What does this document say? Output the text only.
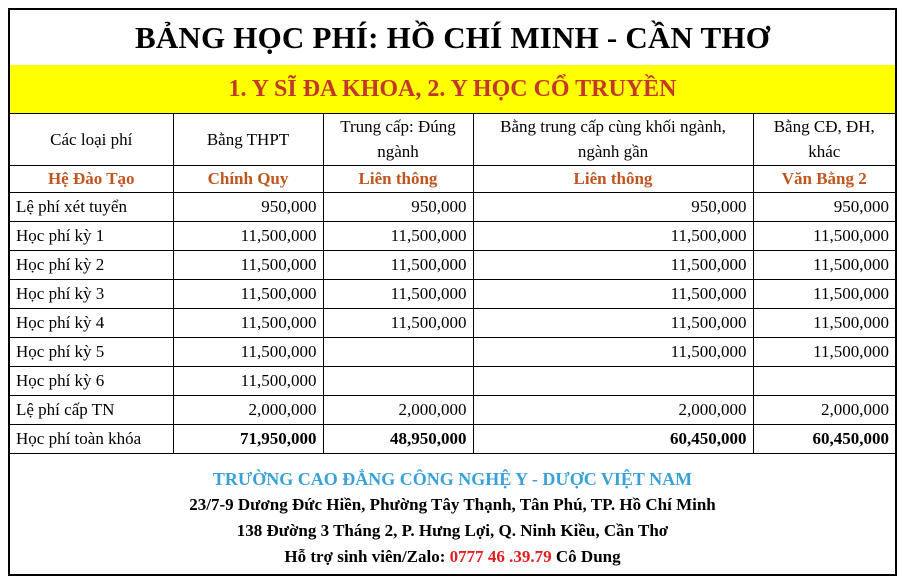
BẢNG HỌC PHÍ: HỒ CHÍ MINH - CẦN THƠ
1. Y SĨ ĐA KHOA, 2. Y HỌC CỔ TRUYỀN
Các loại phí	Bằng THPT	Trung cấp: Đúng ngành	Bằng trung cấp cùng khối ngành, ngành gần	Bằng CĐ, ĐH, khác
Hệ Đào Tạo	Chính Quy	Liên thông	Liên thông	Văn Bằng 2
Lệ phí xét tuyển	950,000	950,000	950,000	950,000
Học phí kỳ 1	11,500,000	11,500,000	11,500,000	11,500,000
Học phí kỳ 2	11,500,000	11,500,000	11,500,000	11,500,000
Học phí kỳ 3	11,500,000	11,500,000	11,500,000	11,500,000
Học phí kỳ 4	11,500,000	11,500,000	11,500,000	11,500,000
Học phí kỳ 5	11,500,000		11,500,000	11,500,000
Học phí kỳ 6	11,500,000			
Lệ phí cấp TN	2,000,000	2,000,000	2,000,000	2,000,000
Học phí toàn khóa	71,950,000	48,950,000	60,450,000	60,450,000
TRƯỜNG CAO ĐẲNG CÔNG NGHỆ Y - DƯỢC VIỆT NAM
23/7-9 Dương Đức Hiền, Phường Tây Thạnh, Tân Phú, TP. Hồ Chí Minh
138 Đường 3 Tháng 2, P. Hưng Lợi, Q. Ninh Kiều, Cần Thơ
Hỗ trợ sinh viên/Zalo: 0777 46 .39.79 Cô Dung
